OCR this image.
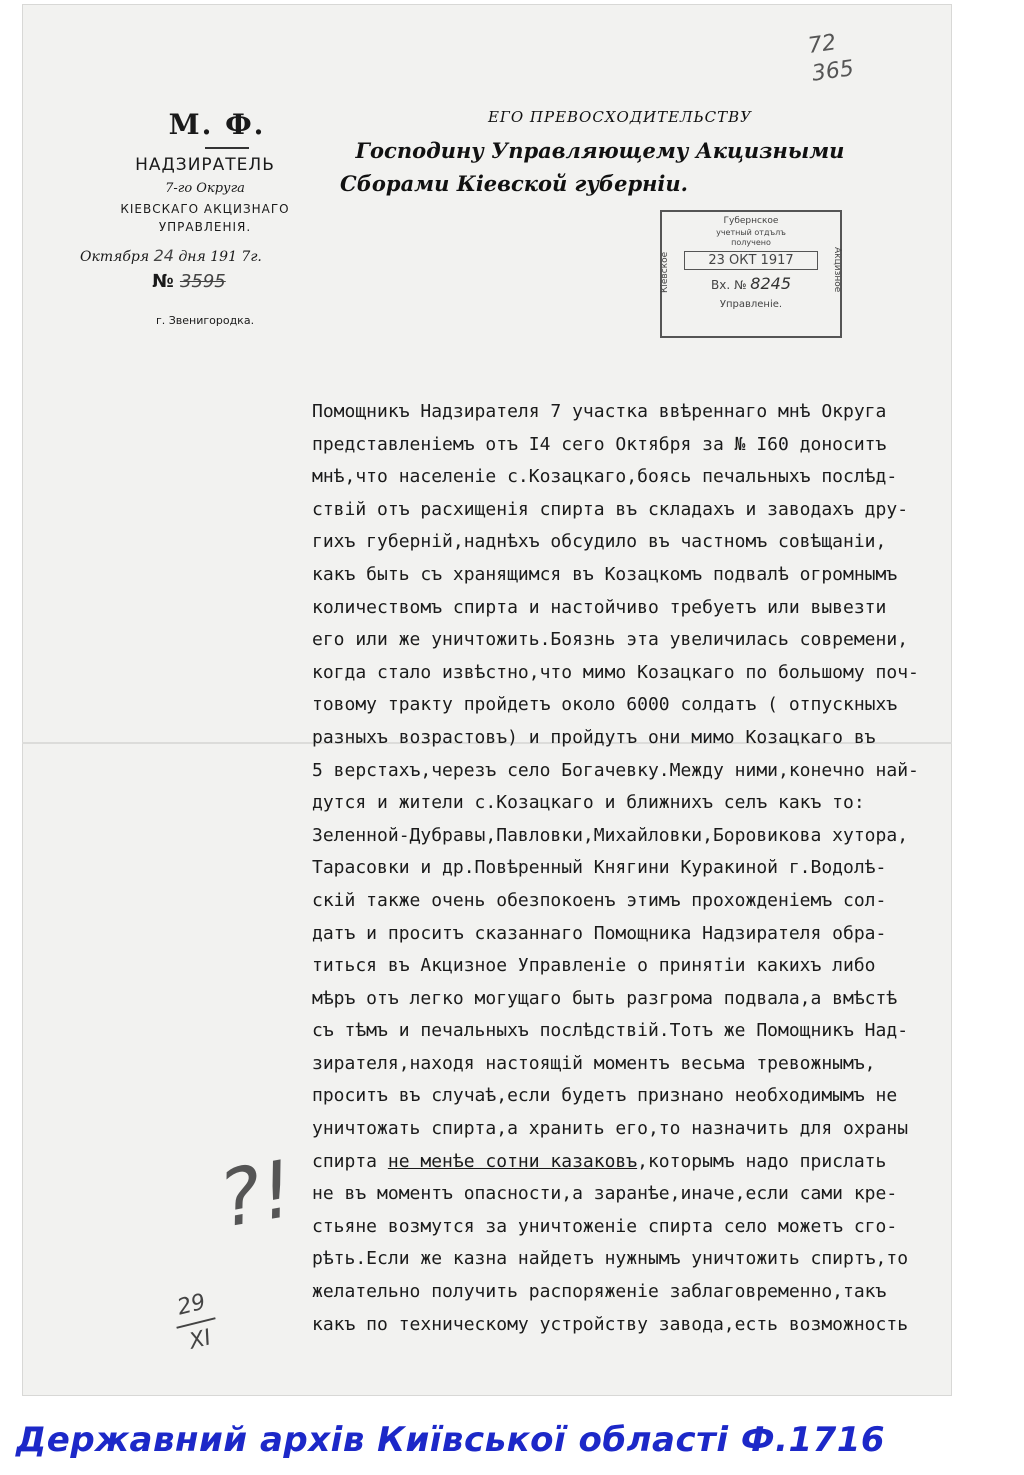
72
365
М. Ф.
НАДЗИРАТЕЛЬ
7-го Округа
КІЕВСКАГО АКЦИЗНАГО
УПРАВЛЕНІЯ.
Октября 24 дня 191 7г.
№ 3595
г. Звенигородка.
ЕГО ПРЕВОСХОДИТЕЛЬСТВУ
Господину Управляющему Акцизными
Сборами Кіевской губерніи.
Кіевское	Акцизное
Губернское
учетный отдълъ
получено
23 ОКТ 1917
Вх. № 8245
Управленіе.
Помощникъ Надзирателя 7 участка ввѣреннаго мнѣ Округа
представленіемъ отъ I4 сего Октября за № I60 доноситъ
мнѣ,что населеніе с.Козацкаго,боясь печальныхъ послѣд-
ствій отъ расхищенія спирта въ складахъ и заводахъ дру-
гихъ губерній,наднѣхъ обсудило въ частномъ совѣщаніи,
какъ быть съ хранящимся въ Козацкомъ подвалѣ огромнымъ
количествомъ спирта и настойчиво требуетъ или вывезти
его или же уничтожить.Боязнь эта увеличилась современи,
когда стало извѣстно,что мимо Козацкаго по большому поч-
товому тракту пройдетъ около 6000 солдатъ ( отпускныхъ
разныхъ возрастовъ) и пройдутъ они мимо Козацкаго въ
5 верстахъ,черезъ село Богачевку.Между ними,конечно най-
дутся и жители с.Козацкаго и ближнихъ селъ какъ то:
Зеленной-Дубравы,Павловки,Михайловки,Боровикова хутора,
Тарасовки и др.Повѣренный Княгини Куракиной г.Водолѣ-
скій также очень обезпокоенъ этимъ прохожденіемъ сол-
датъ и проситъ сказаннаго Помощника Надзирателя обра-
титься въ Акцизное Управленіе о принятіи какихъ либо
мѣръ отъ легко могущаго быть разгрома подвала,а вмѣстѣ
съ тѣмъ и печальныхъ послѣдствій.Тотъ же Помощникъ Над-
зирателя,находя настоящій моментъ весьма тревожнымъ,
проситъ въ случаѣ,если будетъ признано необходимымъ не
уничтожать спирта,а хранить его,то назначить для охраны
спирта не менѣе сотни казаковъ,которымъ надо прислать
не въ моментъ опасности,а заранѣе,иначе,если сами кре-
стьяне возмутся за уничтоженіе спирта село можетъ сго-
рѣть.Если же казна найдетъ нужнымъ уничтожить спиртъ,то
желательно получить распоряженіе заблаговременно,такъ
какъ по техническому устройству завода,есть возможность
?!
29
XI
Державний архів Київської області Ф.1716
